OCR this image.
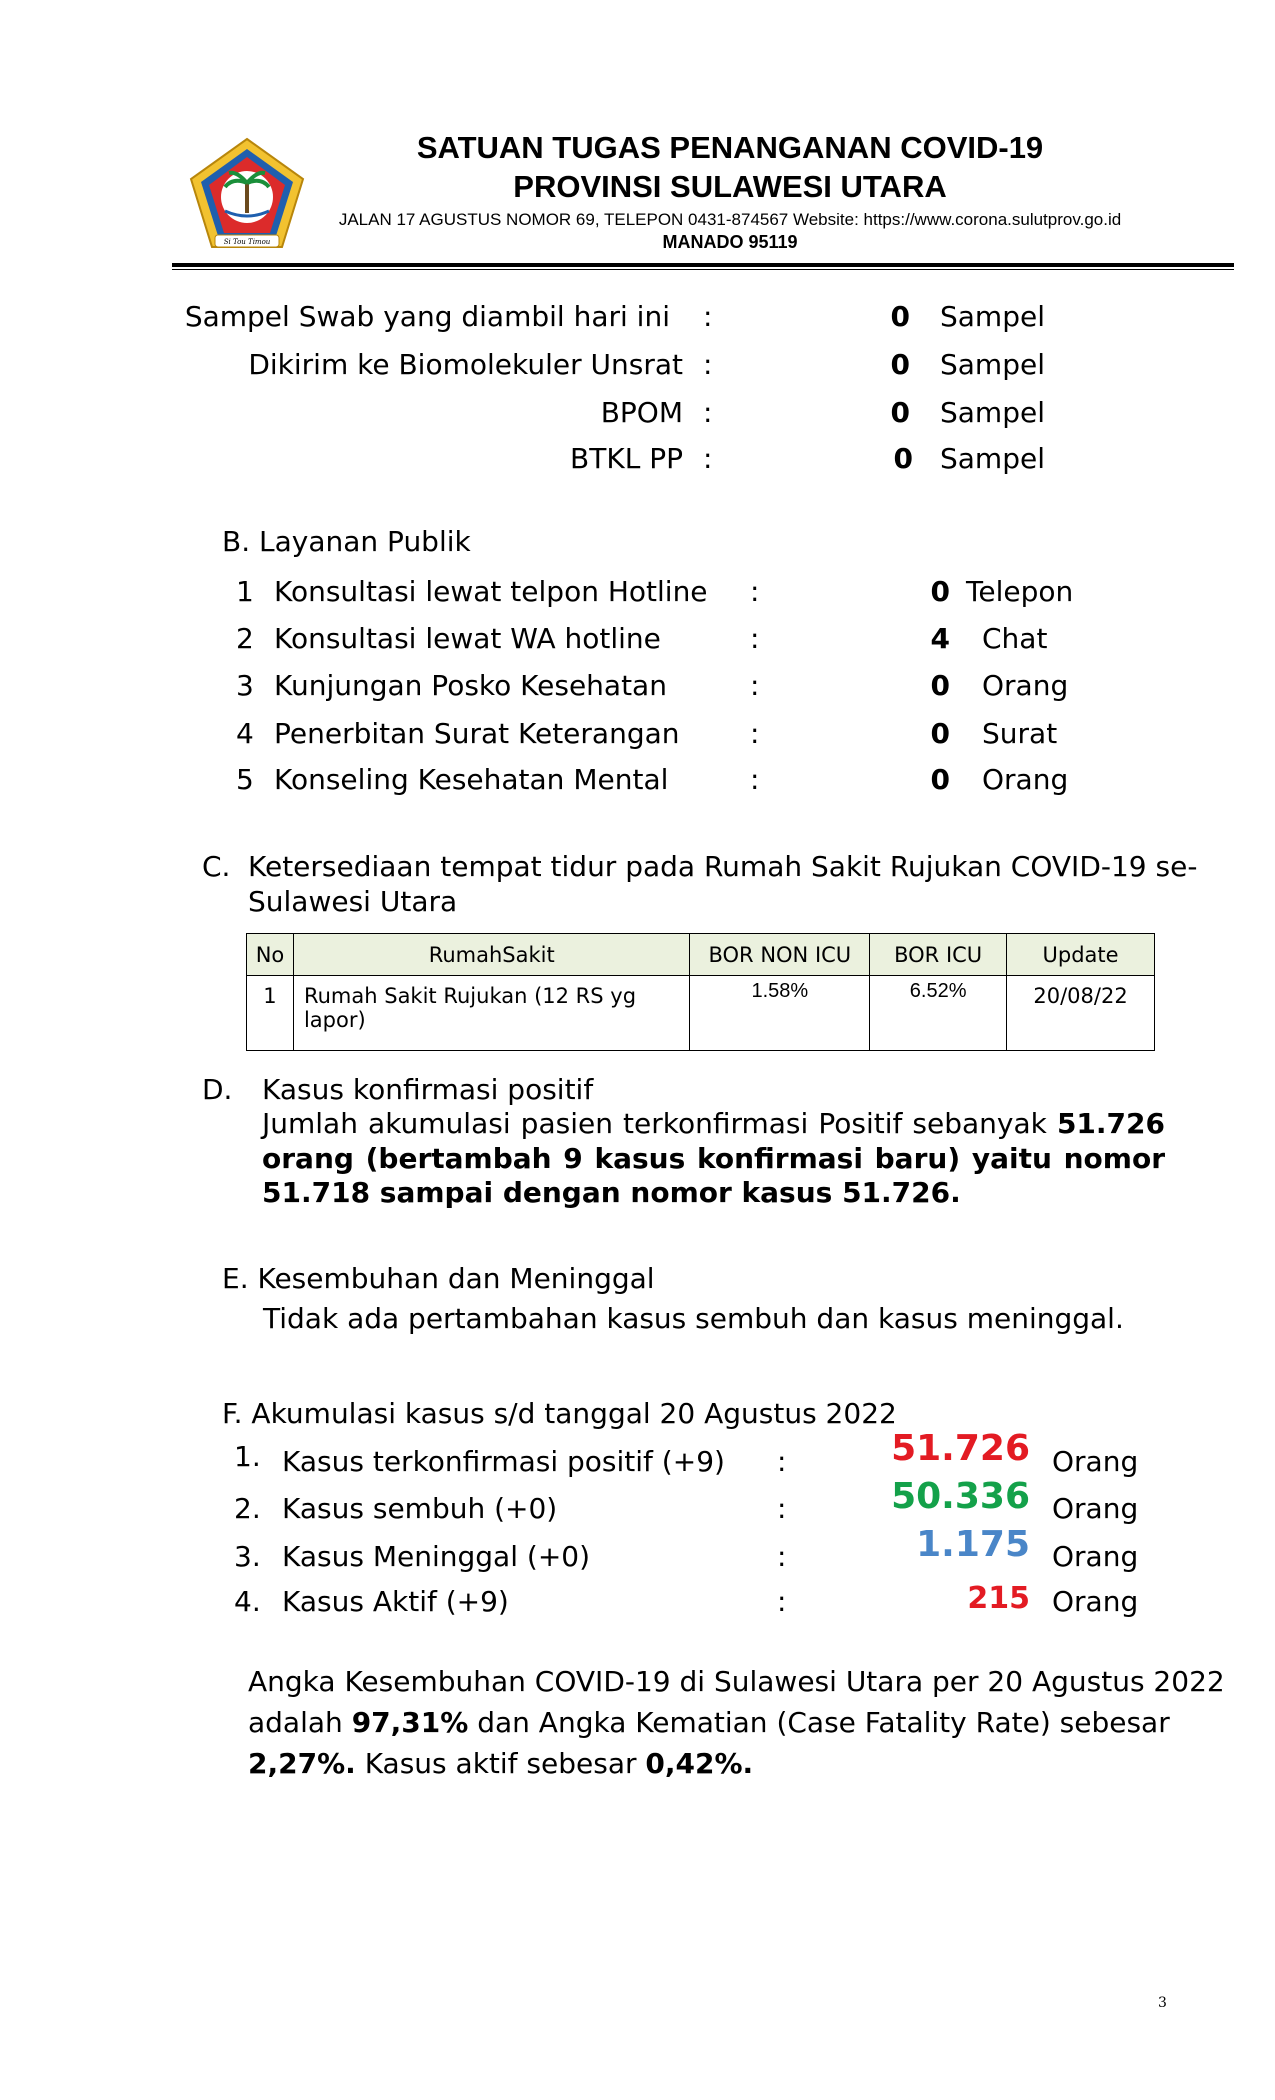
Si Tou Timou
SATUAN TUGAS PENANGANAN COVID-19
PROVINSI SULAWESI UTARA
JALAN 17 AGUSTUS NOMOR 69, TELEPON 0431-874567 Website: https://www.corona.sulutprov.go.id
MANADO 95119
Sampel Swab yang diambil hari ini :	0 Sampel
Dikirim ke Biomolekuler Unsrat :	0 Sampel
BPOM :	0 Sampel
BTKL PP :	0 Sampel
B. Layanan Publik
1 Konsultasi lewat telpon Hotline :	0 Telepon
2 Konsultasi lewat WA hotline	:	4 Chat
3 Kunjungan Posko Kesehatan	:	0 Orang
4 Penerbitan Surat Keterangan	:	0 Surat
5 Konseling Kesehatan Mental	:	0 Orang
C. Ketersediaan tempat tidur pada Rumah Sakit Rujukan COVID-19 se-
Sulawesi Utara
No	RumahSakit	BOR NON ICU	BOR ICU	Update
1	Rumah Sakit Rujukan (12 RS yg lapor)	1.58%	6.52%	20/08/22
D. Kasus konfirmasi positif
Jumlah akumulasi pasien terkonfirmasi Positif sebanyak 51.726
orang (bertambah 9 kasus konfirmasi baru) yaitu nomor
51.718 sampai dengan nomor kasus 51.726.
E. Kesembuhan dan Meninggal
Tidak ada pertambahan kasus sembuh dan kasus meninggal.
F. Akumulasi kasus s/d tanggal 20 Agustus 2022
1. Kasus terkonfirmasi positif (+9) :	51.726 Orang
2. Kasus sembuh (+0)	:	50.336 Orang
3. Kasus Meninggal (+0)	:	1.175 Orang
4. Kasus Aktif (+9)	:	215 Orang
Angka Kesembuhan COVID-19 di Sulawesi Utara per 20 Agustus 2022
adalah 97,31% dan Angka Kematian (Case Fatality Rate) sebesar
2,27%. Kasus aktif sebesar 0,42%.
3
